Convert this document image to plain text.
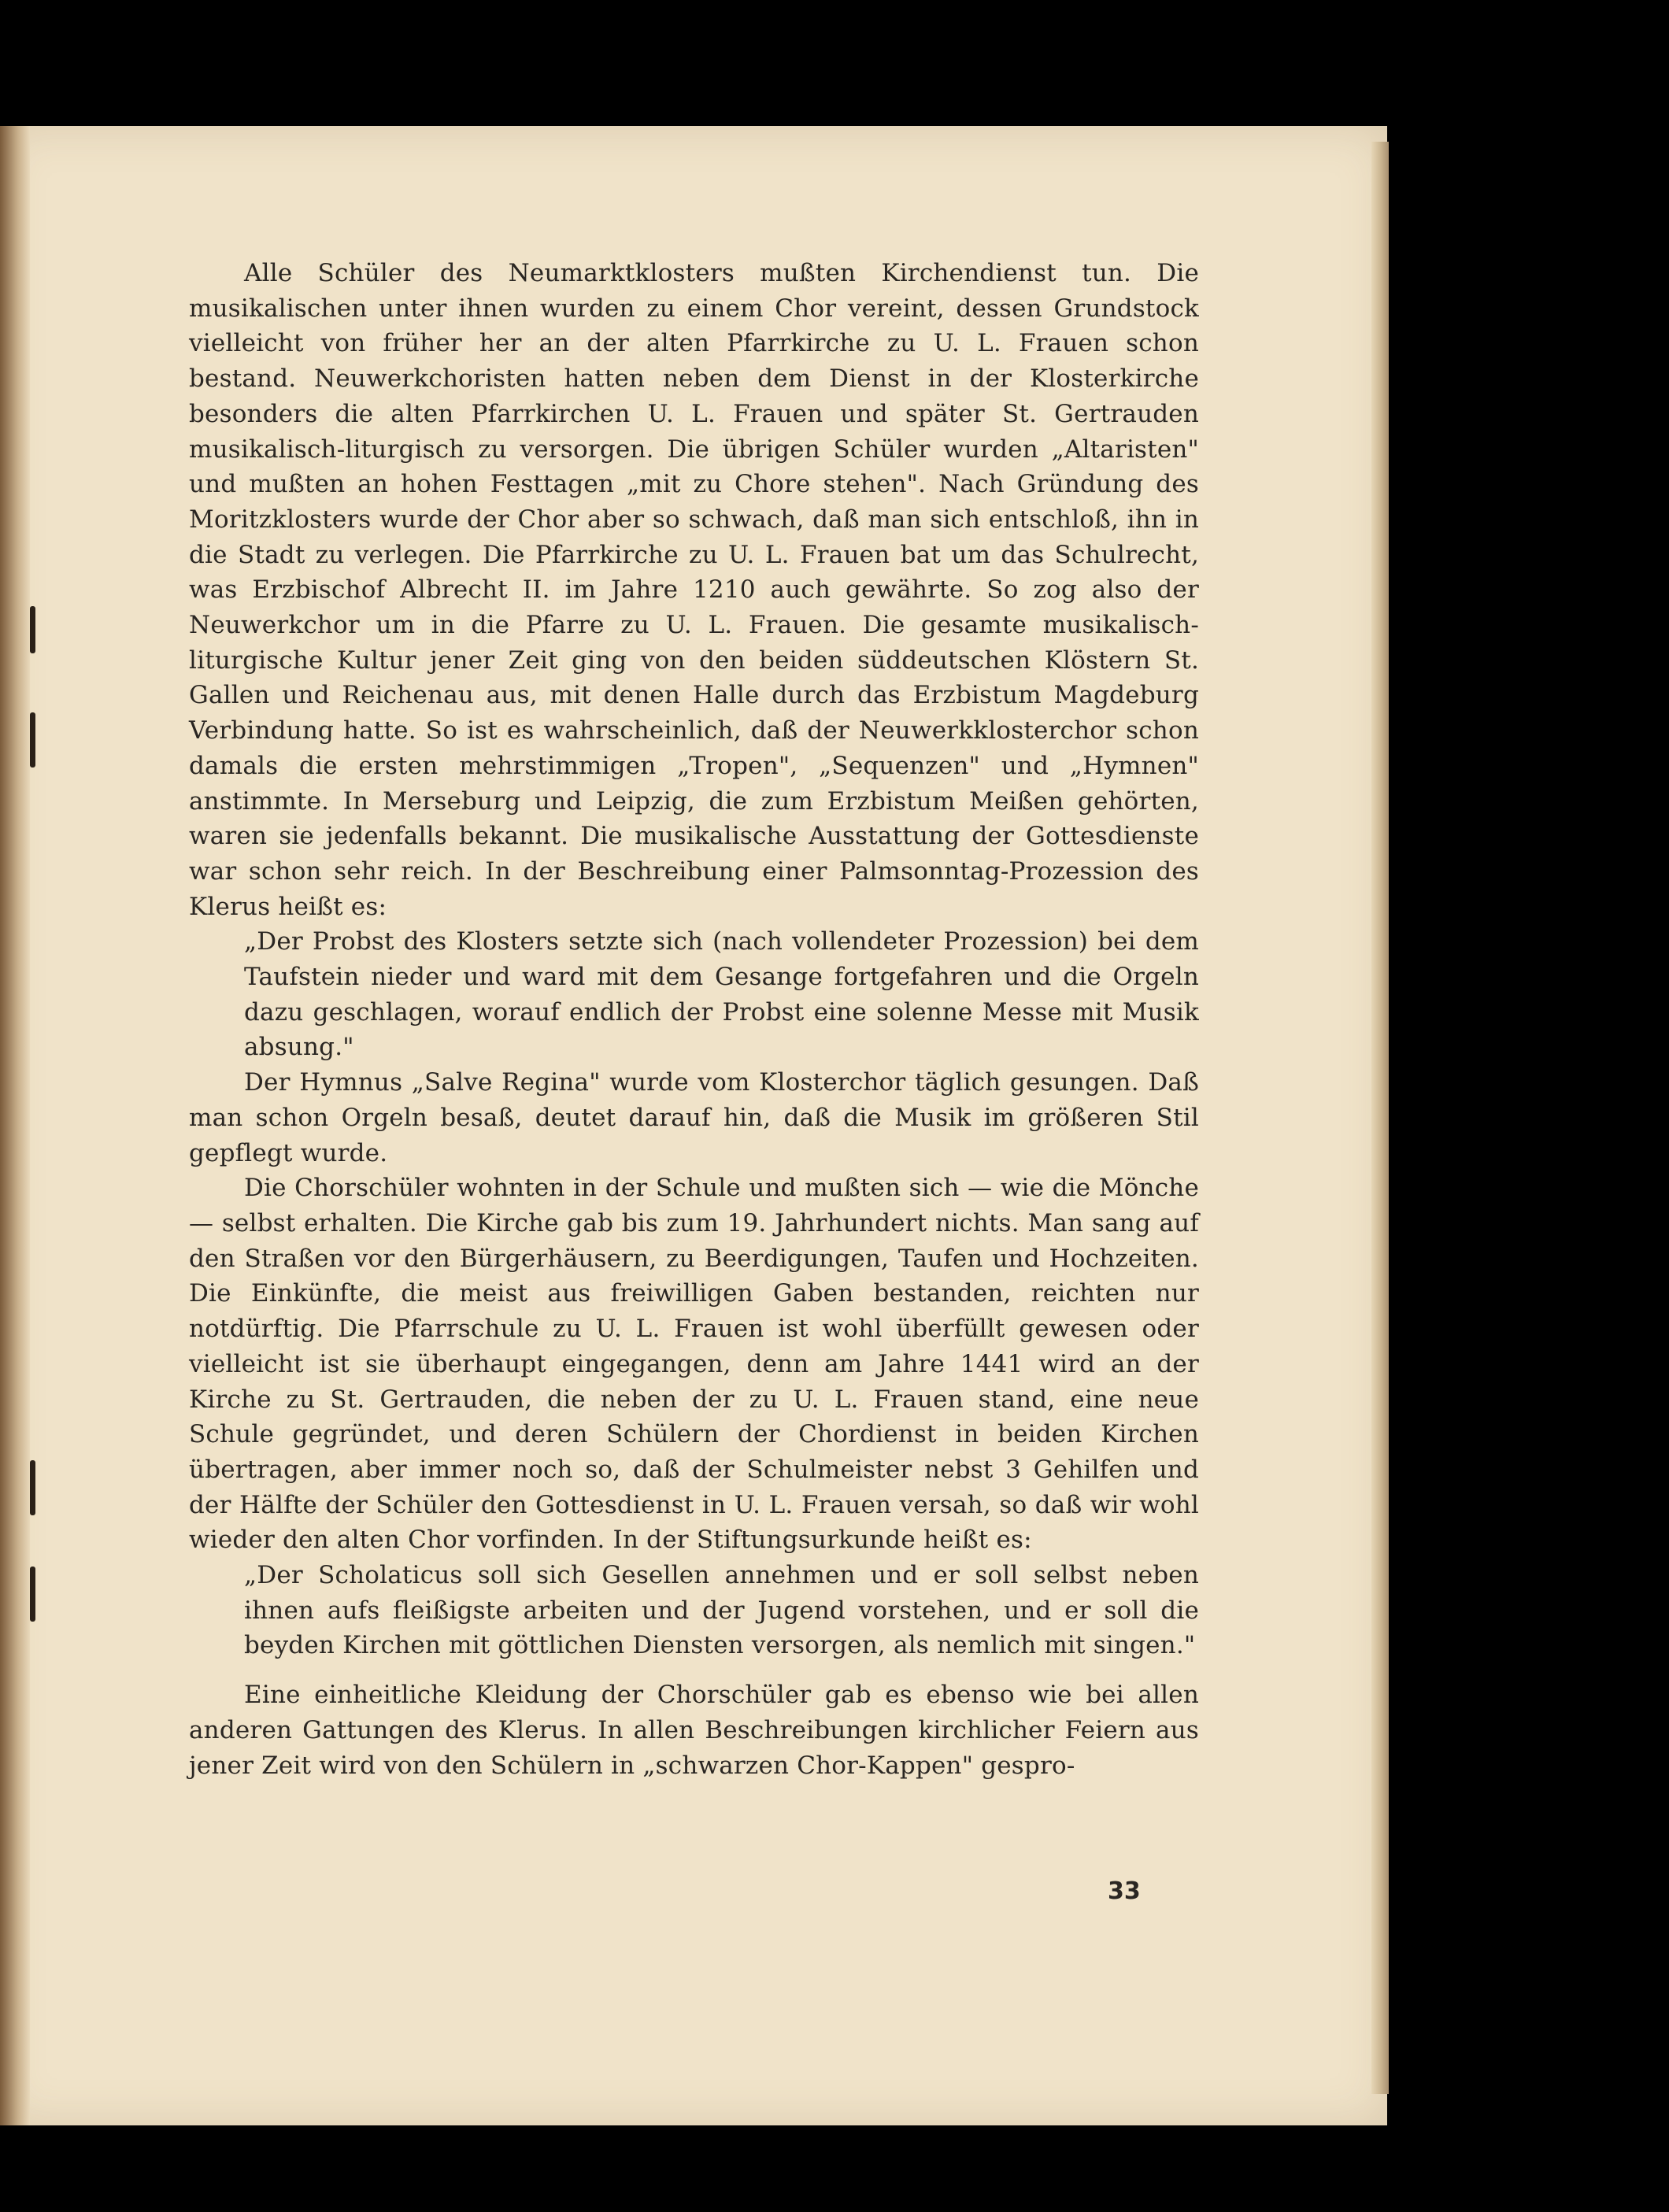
Alle Schüler des Neumarktklosters mußten Kirchendienst tun. Die musikalischen unter ihnen wurden zu einem Chor vereint, dessen Grundstock vielleicht von früher her an der alten Pfarrkirche zu U. L. Frauen schon bestand. Neuwerkchoristen hatten neben dem Dienst in der Klosterkirche besonders die alten Pfarrkirchen U. L. Frauen und später St. Gertrauden musikalisch-liturgisch zu versorgen. Die übrigen Schüler wurden „Altaristen" und mußten an hohen Festtagen „mit zu Chore stehen". Nach Gründung des Moritzklosters wurde der Chor aber so schwach, daß man sich entschloß, ihn in die Stadt zu verlegen. Die Pfarrkirche zu U. L. Frauen bat um das Schulrecht, was Erzbischof Albrecht II. im Jahre 1210 auch gewährte. So zog also der Neuwerkchor um in die Pfarre zu U. L. Frauen. Die gesamte musikalisch-liturgische Kultur jener Zeit ging von den beiden süddeutschen Klöstern St. Gallen und Reichenau aus, mit denen Halle durch das Erzbistum Magdeburg Verbindung hatte. So ist es wahrscheinlich, daß der Neuwerkklosterchor schon damals die ersten mehrstimmigen „Tropen", „Sequenzen" und „Hymnen" anstimmte. In Merseburg und Leipzig, die zum Erzbistum Meißen gehörten, waren sie jedenfalls bekannt. Die musikalische Ausstattung der Gottesdienste war schon sehr reich. In der Beschreibung einer Palmsonntag-Prozession des Klerus heißt es:

„Der Probst des Klosters setzte sich (nach vollendeter Prozession) bei dem Taufstein nieder und ward mit dem Gesange fortgefahren und die Orgeln dazu geschlagen, worauf endlich der Probst eine solenne Messe mit Musik absung."

Der Hymnus „Salve Regina" wurde vom Klosterchor täglich gesungen. Daß man schon Orgeln besaß, deutet darauf hin, daß die Musik im größeren Stil gepflegt wurde.

Die Chorschüler wohnten in der Schule und mußten sich — wie die Mönche — selbst erhalten. Die Kirche gab bis zum 19. Jahrhundert nichts. Man sang auf den Straßen vor den Bürgerhäusern, zu Beerdigungen, Taufen und Hochzeiten. Die Einkünfte, die meist aus freiwilligen Gaben bestanden, reichten nur notdürftig. Die Pfarrschule zu U. L. Frauen ist wohl überfüllt gewesen oder vielleicht ist sie überhaupt eingegangen, denn am Jahre 1441 wird an der Kirche zu St. Gertrauden, die neben der zu U. L. Frauen stand, eine neue Schule gegründet, und deren Schülern der Chordienst in beiden Kirchen übertragen, aber immer noch so, daß der Schulmeister nebst 3 Gehilfen und der Hälfte der Schüler den Gottesdienst in U. L. Frauen versah, so daß wir wohl wieder den alten Chor vorfinden. In der Stiftungsurkunde heißt es:

„Der Scholaticus soll sich Gesellen annehmen und er soll selbst neben ihnen aufs fleißigste arbeiten und der Jugend vorstehen, und er soll die beyden Kirchen mit göttlichen Diensten versorgen, als nemlich mit singen."

Eine einheitliche Kleidung der Chorschüler gab es ebenso wie bei allen anderen Gattungen des Klerus. In allen Beschreibungen kirchlicher Feiern aus jener Zeit wird von den Schülern in „schwarzen Chor-Kappen" gespro-

33
